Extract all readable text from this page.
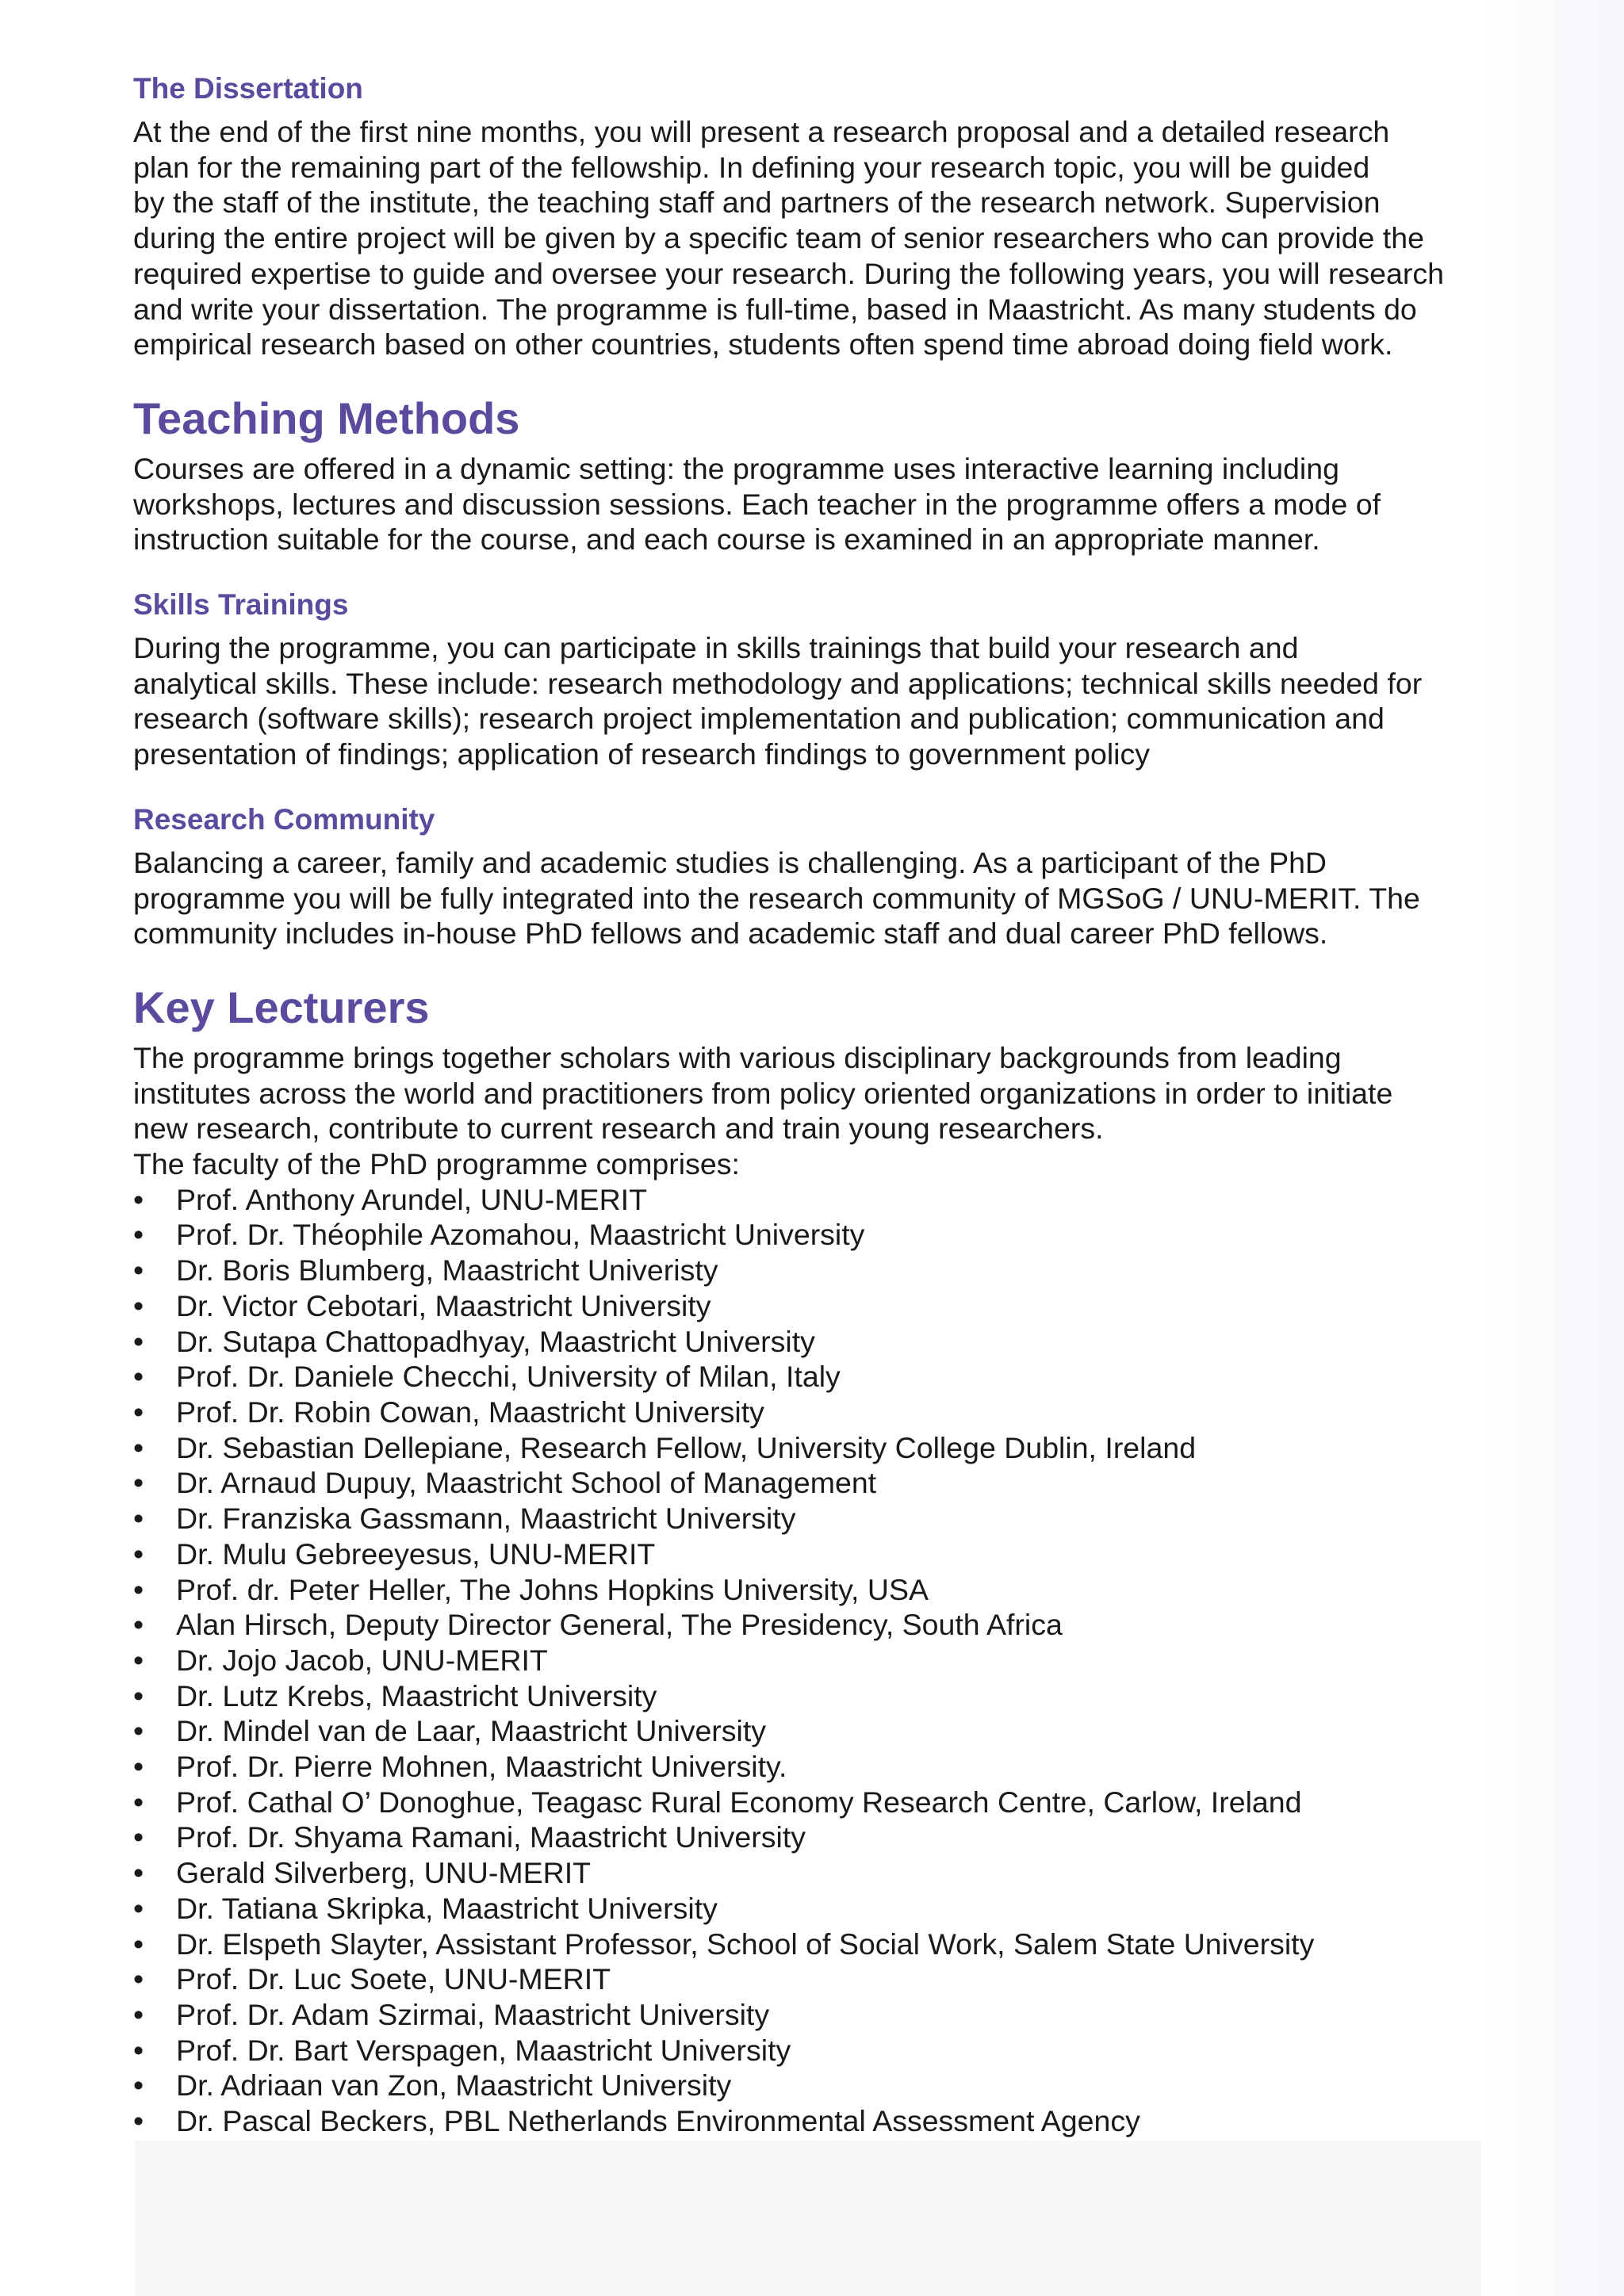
The Dissertation

At the end of the first nine months, you will present a research proposal and a detailed research
plan for the remaining part of the fellowship. In defining your research topic, you will be guided
by the staff of the institute, the teaching staff and partners of the research network. Supervision
during the entire project will be given by a specific team of senior researchers who can provide the
required expertise to guide and oversee your research. During the following years, you will research
and write your dissertation. The programme is full-time, based in Maastricht. As many students do
empirical research based on other countries, students often spend time abroad doing field work.

Teaching Methods

Courses are offered in a dynamic setting: the programme uses interactive learning including
workshops, lectures and discussion sessions. Each teacher in the programme offers a mode of
instruction suitable for the course, and each course is examined in an appropriate manner.

Skills Trainings

During the programme, you can participate in skills trainings that build your research and
analytical skills. These include: research methodology and applications; technical skills needed for
research (software skills); research project implementation and publication; communication and
presentation of findings; application of research findings to government policy

Research Community

Balancing a career, family and academic studies is challenging. As a participant of the PhD
programme you will be fully integrated into the research community of MGSoG / UNU-MERIT. The
community includes in-house PhD fellows and academic staff and dual career PhD fellows.

Key Lecturers

The programme brings together scholars with various disciplinary backgrounds from leading
institutes across the world and practitioners from policy oriented organizations in order to initiate
new research, contribute to current research and train young researchers.
The faculty of the PhD programme comprises:

• Prof. Anthony Arundel, UNU-MERIT
• Prof. Dr. Théophile Azomahou, Maastricht University
• Dr. Boris Blumberg, Maastricht Univeristy
• Dr. Victor Cebotari, Maastricht University
• Dr. Sutapa Chattopadhyay, Maastricht University
• Prof. Dr. Daniele Checchi, University of Milan, Italy
• Prof. Dr. Robin Cowan, Maastricht University
• Dr. Sebastian Dellepiane, Research Fellow, University College Dublin, Ireland
• Dr. Arnaud Dupuy, Maastricht School of Management
• Dr. Franziska Gassmann, Maastricht University
• Dr. Mulu Gebreeyesus, UNU-MERIT
• Prof. dr. Peter Heller, The Johns Hopkins University, USA
• Alan Hirsch, Deputy Director General, The Presidency, South Africa
• Dr. Jojo Jacob, UNU-MERIT
• Dr. Lutz Krebs, Maastricht University
• Dr. Mindel van de Laar, Maastricht University
• Prof. Dr. Pierre Mohnen, Maastricht University.
• Prof. Cathal O’ Donoghue, Teagasc Rural Economy Research Centre, Carlow, Ireland
• Prof. Dr. Shyama Ramani, Maastricht University
• Gerald Silverberg, UNU-MERIT
• Dr. Tatiana Skripka, Maastricht University
• Dr. Elspeth Slayter, Assistant Professor, School of Social Work, Salem State University
• Prof. Dr. Luc Soete, UNU-MERIT
• Prof. Dr. Adam Szirmai, Maastricht University
• Prof. Dr. Bart Verspagen, Maastricht University
• Dr. Adriaan van Zon, Maastricht University
• Dr. Pascal Beckers, PBL Netherlands Environmental Assessment Agency
